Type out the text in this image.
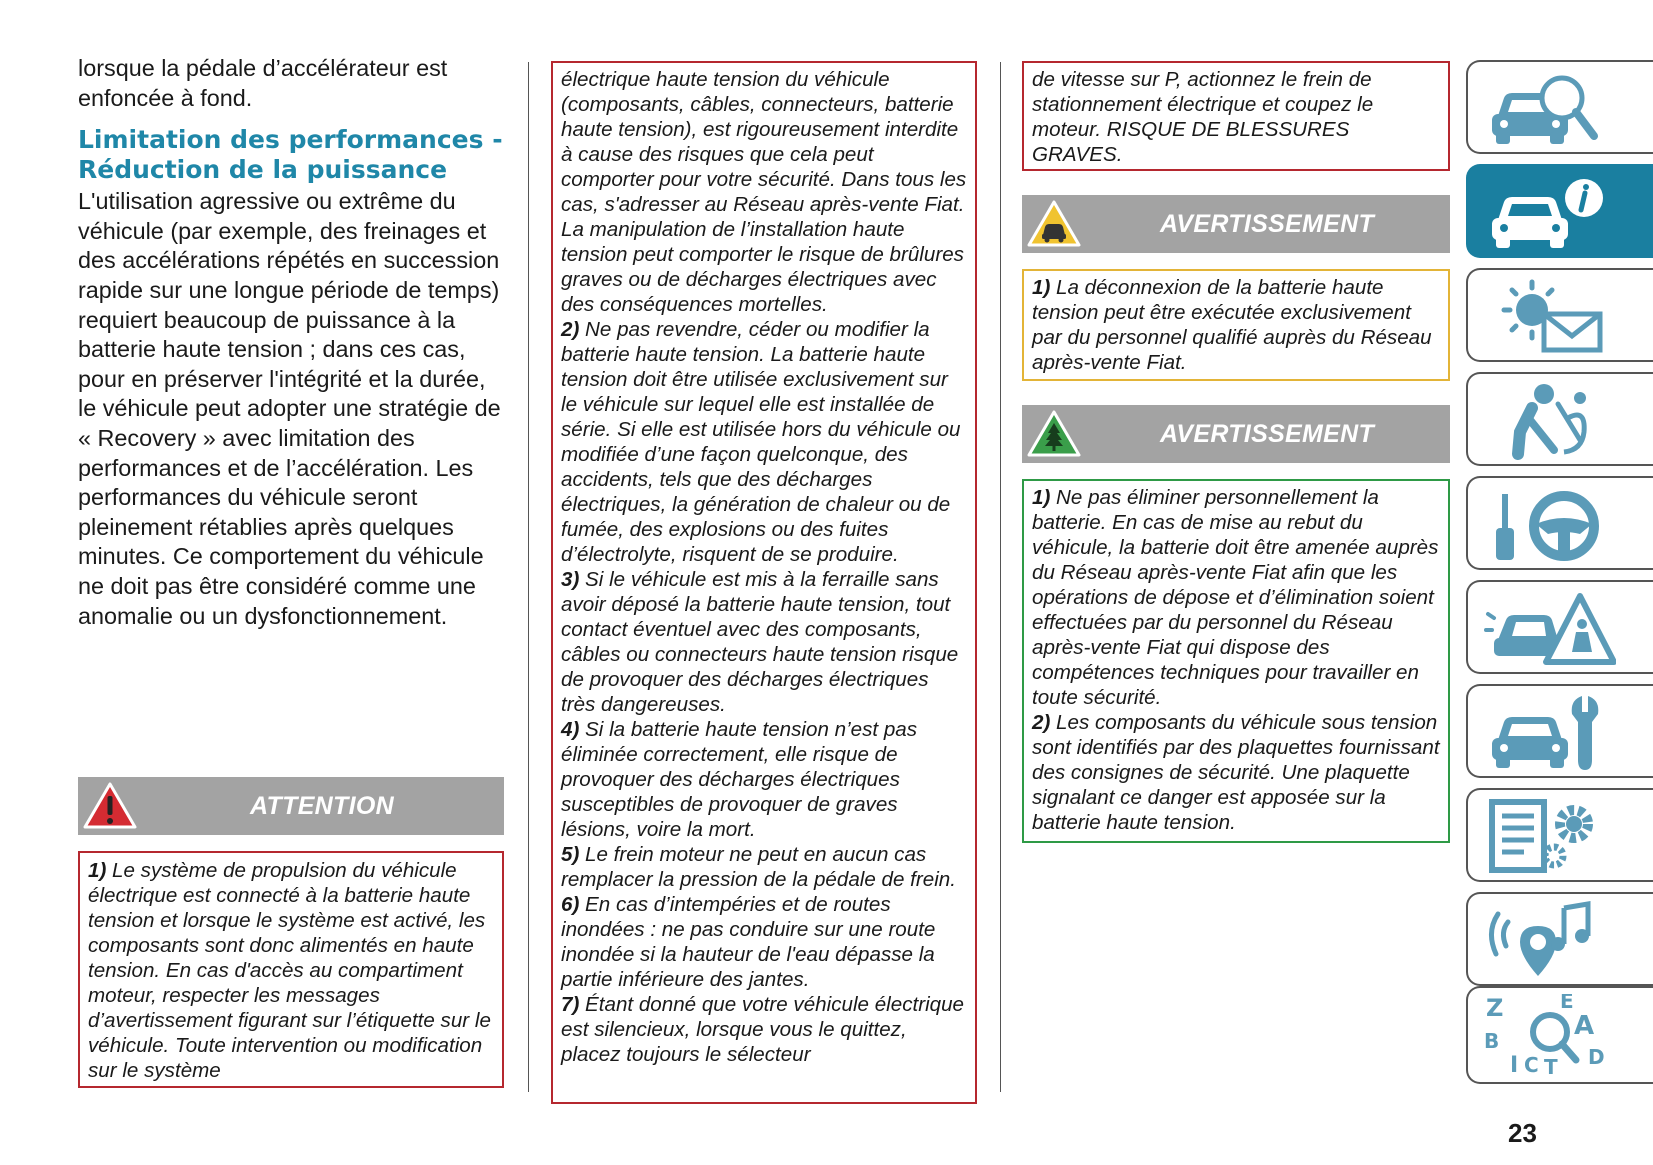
lorsque la pédale d’accélérateur est enfoncée à fond.

Limitation des performances - Réduction de la puissance

L'utilisation agressive ou extrême du véhicule (par exemple, des freinages et des accélérations répétés en succession rapide sur une longue période de temps) requiert beaucoup de puissance à la batterie haute tension ; dans ces cas, pour en préserver l'intégrité et la durée, le véhicule peut adopter une stratégie de « Recovery » avec limitation des performances et de l’accélération. Les performances du véhicule seront pleinement rétablies après quelques minutes. Ce comportement du véhicule ne doit pas être considéré comme une anomalie ou un dysfonctionnement.

ATTENTION

1) Le système de propulsion du véhicule électrique est connecté à la batterie haute tension et lorsque le système est activé, les composants sont donc alimentés en haute tension. En cas d'accès au compartiment moteur, respecter les messages d’avertissement figurant sur l’étiquette sur le véhicule. Toute intervention ou modification sur le système

électrique haute tension du véhicule (composants, câbles, connecteurs, batterie haute tension), est rigoureusement interdite à cause des risques que cela peut comporter pour votre sécurité. Dans tous les cas, s'adresser au Réseau après-vente Fiat. La manipulation de l’installation haute tension peut comporter le risque de brûlures graves ou de décharges électriques avec des conséquences mortelles.

2) Ne pas revendre, céder ou modifier la batterie haute tension. La batterie haute tension doit être utilisée exclusivement sur le véhicule sur lequel elle est installée de série. Si elle est utilisée hors du véhicule ou modifiée d’une façon quelconque, des accidents, tels que des décharges électriques, la génération de chaleur ou de fumée, des explosions ou des fuites d’électrolyte, risquent de se produire.

3) Si le véhicule est mis à la ferraille sans avoir déposé la batterie haute tension, tout contact éventuel avec des composants, câbles ou connecteurs haute tension risque de provoquer des décharges électriques très dangereuses.

4) Si la batterie haute tension n’est pas éliminée correctement, elle risque de provoquer des décharges électriques susceptibles de provoquer de graves lésions, voire la mort.

5) Le frein moteur ne peut en aucun cas remplacer la pression de la pédale de frein.

6) En cas d’intempéries et de routes inondées : ne pas conduire sur une route inondée si la hauteur de l'eau dépasse la partie inférieure des jantes.

7) Étant donné que votre véhicule électrique est silencieux, lorsque vous le quittez, placez toujours le sélecteur

de vitesse sur P, actionnez le frein de stationnement électrique et coupez le moteur. RISQUE DE BLESSURES GRAVES.

AVERTISSEMENT

1) La déconnexion de la batterie haute tension peut être exécutée exclusivement par du personnel qualifié auprès du Réseau après-vente Fiat.

AVERTISSEMENT

1) Ne pas éliminer personnellement la batterie. En cas de mise au rebut du véhicule, la batterie doit être amenée auprès du Réseau après-vente Fiat afin que les opérations de dépose et d’élimination soient effectuées par du personnel du Réseau après-vente Fiat qui dispose des compétences techniques pour travailler en toute sécurité.

2) Les composants du véhicule sous tension sont identifiés par des plaquettes fournissant des consignes de sécurité. Une plaquette signalant ce danger est apposée sur la batterie haute tension.

Z	E
A
B
D
I C T
23
